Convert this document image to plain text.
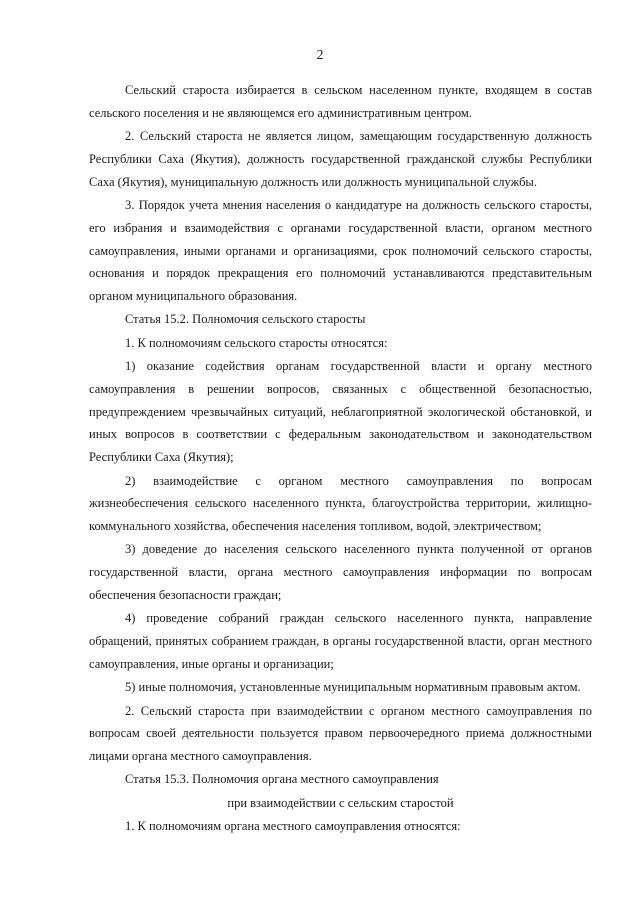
2

Сельский староста избирается в сельском населенном пункте, входящем в состав сельского поселения и не являющемся его административным центром.

2. Сельский староста не является лицом, замещающим государственную должность Республики Саха (Якутия), должность государственной гражданской службы Республики Саха (Якутия), муниципальную должность или должность муниципальной службы.

3. Порядок учета мнения населения о кандидатуре на должность сельского старосты, его избрания и взаимодействия с органами государственной власти, органом местного самоуправления, иными органами и организациями, срок полномочий сельского старосты, основания и порядок прекращения его полномочий устанавливаются представительным органом муниципального образования.

Статья 15.2. Полномочия сельского старосты

1. К полномочиям сельского старосты относятся:

1) оказание содействия органам государственной власти и органу местного самоуправления в решении вопросов, связанных с общественной безопасностью, предупреждением чрезвычайных ситуаций, неблагоприятной экологической обстановкой, и иных вопросов в соответствии с федеральным законодательством и законодательством Республики Саха (Якутия);

2) взаимодействие с органом местного самоуправления по вопросам жизнеобеспечения сельского населенного пункта, благоустройства территории, жилищно-коммунального хозяйства, обеспечения населения топливом, водой, электричеством;

3) доведение до населения сельского населенного пункта полученной от органов государственной власти, органа местного самоуправления информации по вопросам обеспечения безопасности граждан;

4) проведение собраний граждан сельского населенного пункта, направление обращений, принятых собранием граждан, в органы государственной власти, орган местного самоуправления, иные органы и организации;

5) иные полномочия, установленные муниципальным нормативным правовым актом.

2. Сельский староста при взаимодействии с органом местного самоуправления по вопросам своей деятельности пользуется правом первоочередного приема должностными лицами органа местного самоуправления.

Статья 15.3. Полномочия органа местного самоуправления

при взаимодействии с сельским старостой

1. К полномочиям органа местного самоуправления относятся:
